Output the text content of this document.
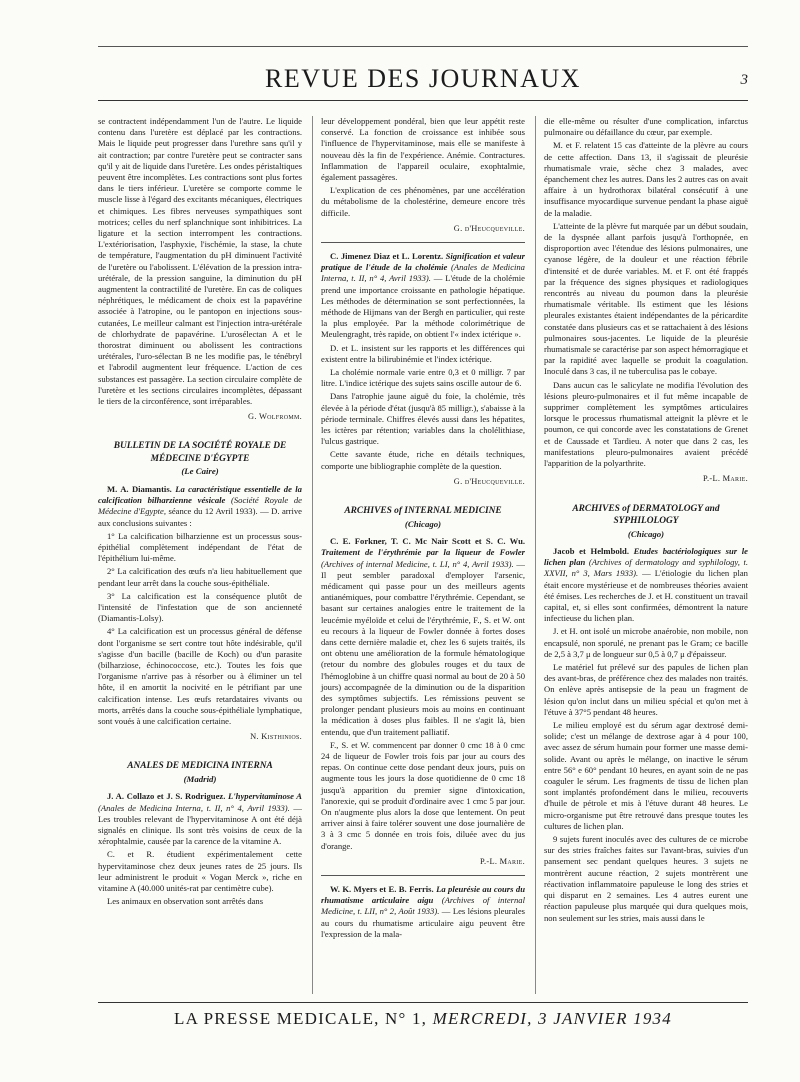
REVUE DES JOURNAUX	3

se contractent indépendamment l'un de l'autre. Le liquide contenu dans l'uretère est déplacé par les contractions. Mais le liquide peut progresser dans l'urethre sans qu'il y ait contraction; par contre l'uretère peut se contracter sans qu'il y ait de liquide dans l'uretère. Les ondes péristaltiques peuvent être incomplètes. Les contractions sont plus fortes dans le tiers inférieur. L'uretère se comporte comme le muscle lisse à l'égard des excitants mécaniques, électriques et chimiques. Les fibres nerveuses sympathiques sont motrices; celles du nerf splanchnique sont inhibitrices. La ligature et la section interrompent les contractions. L'extériorisation, l'asphyxie, l'ischémie, la stase, la chute de température, l'augmentation du pH diminuent l'activité de l'uretère ou l'abolissent. L'élévation de la pression intra-urétérale, de la pression sanguine, la diminution du pH augmentent la contractilité de l'uretère. En cas de coliques néphrétiques, le médicament de choix est la papavérine associée à l'atropine, ou le pantopon en injections sous-cutanées, Le meilleur calmant est l'injection intra-urétérale de chlorhydrate de papavérine. L'urosélectan A et le thorostrat diminuent ou abolissent les contractions urétérales, l'uro-sélectan B ne les modifie pas, le ténébryl et l'abrodil augmentent leur fréquence. L'action de ces substances est passagère. La section circulaire complète de l'uretère et les sections circulaires incomplètes, dépassant le tiers de la circonférence, sont irréparables.

G. Wolfromm.
BULLETIN DE LA SOCIÉTÉ ROYALE DE MÉDECINE D'ÉGYPTE
(Le Caire)

M. A. Diamantis. La caractéristique essentielle de la calcification bilharzienne vésicale (Société Royale de Médecine d'Egypte, séance du 12 Avril 1933). — D. arrive aux conclusions suivantes :

1° La calcification bilharzienne est un processus sous-épithélial complètement indépendant de l'état de l'épithélium lui-même.

2° La calcification des œufs n'a lieu habituellement que pendant leur arrêt dans la couche sous-épithéliale.

3° La calcification est la conséquence plutôt de l'intensité de l'infestation que de son ancienneté (Diamantis-Lolsy).

4° La calcification est un processus général de défense dont l'organisme se sert contre tout hôte indésirable, qu'il s'agisse d'un bacille (bacille de Koch) ou d'un parasite (bilharziose, échinococcose, etc.). Toutes les fois que l'organisme n'arrive pas à résorber ou à éliminer un tel hôte, il en amortit la nocivité en le pétrifiant par une calcification intense. Les œufs retardataires vivants ou morts, arrêtés dans la couche sous-épithéliale lymphatique, sont voués à une calcification certaine.

N. Kisthinios.
ANALES DE MEDICINA INTERNA
(Madrid)

J. A. Collazo et J. S. Rodriguez. L'hypervitaminose A (Anales de Medicina Interna, t. II, n° 4, Avril 1933). — Les troubles relevant de l'hypervitaminose A ont été déjà signalés en clinique. Ils sont très voisins de ceux de la xérophtalmie, causée par la carence de la vitamine A.

C. et R. étudient expérimentalement cette hypervitaminose chez deux jeunes rates de 25 jours. Ils leur administrent le produit « Vogan Merck », riche en vitamine A (40.000 unités-rat par centimètre cube).

Les animaux en observation sont arrêtés dans

leur développement pondéral, bien que leur appétit reste conservé. La fonction de croissance est inhibée sous l'influence de l'hypervitaminose, mais elle se manifeste à nouveau dès la fin de l'expérience. Anémie. Contractures. Inflammation de l'appareil oculaire, exophtalmie, également passagères.

L'explication de ces phénomènes, par une accélération du métabolisme de la cholestérine, demeure encore très difficile.

G. d'Heucqueville.

C. Jimenez Diaz et L. Lorentz. Signification et valeur pratique de l'étude de la cholémie (Anales de Medicina Interna, t. II, n° 4, Avril 1933). — L'étude de la cholémie prend une importance croissante en pathologie hépatique. Les méthodes de détermination se sont perfectionnées, la méthode de Hijmans van der Bergh en particulier, qui reste la plus employée. Par la méthode colorimétrique de Meulengraght, très rapide, on obtient l'« index ictérique ».

D. et L. insistent sur les rapports et les différences qui existent entre la bilirubinémie et l'index ictérique.

La cholémie normale varie entre 0,3 et 0 milligr. 7 par litre. L'indice ictérique des sujets sains oscille autour de 6.

Dans l'atrophie jaune aiguë du foie, la cholémie, très élevée à la période d'état (jusqu'à 85 milligr.), s'abaisse à la période terminale. Chiffres élevés aussi dans les hépatites, les ictères par rétention; variables dans la cholélithiase, l'ulcus gastrique.

Cette savante étude, riche en détails techniques, comporte une bibliographie complète de la question.

G. d'Heucqueville.
ARCHIVES of INTERNAL MEDICINE
(Chicago)

C. E. Forkner, T. C. Mc Nair Scott et S. C. Wu. Traitement de l'érythrémie par la liqueur de Fowler (Archives of internal Medicine, t. LI, n° 4, Avril 1933). — Il peut sembler paradoxal d'employer l'arsenic, médicament qui passe pour un des meilleurs agents antianémiques, pour combattre l'érythrémie. Cependant, se basant sur certaines analogies entre le traitement de la leucémie myéloïde et celui de l'érythrémie, F., S. et W. ont eu recours à la liqueur de Fowler donnée à fortes doses dans cette dernière maladie et, chez les 6 sujets traités, ils ont obtenu une amélioration de la formule hématologique (retour du nombre des globules rouges et du taux de l'hémoglobine à un chiffre quasi normal au bout de 20 à 50 jours) accompagnée de la diminution ou de la disparition des symptômes subjectifs. Les rémissions peuvent se prolonger pendant plusieurs mois au moins en continuant la médication à doses plus faibles. Il ne s'agit là, bien entendu, que d'un traitement palliatif.

F., S. et W. commencent par donner 0 cmc 18 à 0 cmc 24 de liqueur de Fowler trois fois par jour au cours des repas. On continue cette dose pendant deux jours, puis on augmente tous les jours la dose quotidienne de 0 cmc 18 jusqu'à apparition du premier signe d'intoxication, l'anorexie, qui se produit d'ordinaire avec 1 cmc 5 par jour. On n'augmente plus alors la dose que lentement. On peut arriver ainsi à faire tolérer souvent une dose journalière de 3 à 3 cmc 5 donnée en trois fois, diluée avec du jus d'orange.

P.-L. Marie.

W. K. Myers et E. B. Ferris. La pleurésie au cours du rhumatisme articulaire aigu (Archives of internal Medicine, t. LII, n° 2, Août 1933). — Les lésions pleurales au cours du rhumatisme articulaire aigu peuvent être l'expression de la mala-

die elle-même ou résulter d'une complication, infarctus pulmonaire ou défaillance du cœur, par exemple.

M. et F. relatent 15 cas d'atteinte de la plèvre au cours de cette affection. Dans 13, il s'agissait de pleurésie rhumatismale vraie, sèche chez 3 malades, avec épanchement chez les autres. Dans les 2 autres cas on avait affaire à un hydrothorax bilatéral consécutif à une insuffisance myocardique survenue pendant la phase aiguë de la maladie.

L'atteinte de la plèvre fut marquée par un début soudain, de la dyspnée allant parfois jusqu'à l'orthopnée, en disproportion avec l'étendue des lésions pulmonaires, une cyanose légère, de la douleur et une réaction fébrile d'intensité et de durée variables. M. et F. ont été frappés par la fréquence des signes physiques et radiologiques rencontrés au niveau du poumon dans la pleurésie rhumatismale véritable. Ils estiment que les lésions pleurales existantes étaient indépendantes de la péricardite constatée dans plusieurs cas et se rattachaient à des lésions pulmonaires sous-jacentes. Le liquide de la pleurésie rhumatismale se caractérise par son aspect hémorragique et par la rapidité avec laquelle se produit la coagulation. Inoculé dans 3 cas, il ne tuberculisa pas le cobaye.

Dans aucun cas le salicylate ne modifia l'évolution des lésions pleuro-pulmonaires et il fut même incapable de supprimer complètement les symptômes articulaires lorsque le processus rhumatismal atteignit la plèvre et le poumon, ce qui concorde avec les constatations de Grenet et de Caussade et Tardieu. A noter que dans 2 cas, les manifestations pleuro-pulmonaires avaient précédé l'apparition de la polyarthrite.

P.-L. Marie.
ARCHIVES of DERMATOLOGY and SYPHILOLOGY
(Chicago)

Jacob et Helmbold. Etudes bactériologiques sur le lichen plan (Archives of dermatology and syphilology, t. XXVII, n° 3, Mars 1933). — L'étiologie du lichen plan était encore mystérieuse et de nombreuses théories avaient été émises. Les recherches de J. et H. constituent un travail capital, et, si elles sont confirmées, démontrent la nature infectieuse du lichen plan.

J. et H. ont isolé un microbe anaérobie, non mobile, non encapsulé, non sporulé, ne prenant pas le Gram; ce bacille de 2,5 à 3,7 μ de longueur sur 0,5 à 0,7 μ d'épaisseur.

Le matériel fut prélevé sur des papules de lichen plan des avant-bras, de préférence chez des malades non traités. On enlève après antisepsie de la peau un fragment de lésion qu'on inclut dans un milieu spécial et qu'on met à l'étuve à 37°5 pendant 48 heures.

Le milieu employé est du sérum agar dextrosé demi-solide; c'est un mélange de dextrose agar à 4 pour 100, avec assez de sérum humain pour former une masse demi-solide. Avant ou après le mélange, on inactive le sérum entre 56° e 60° pendant 10 heures, en ayant soin de ne pas coaguler le sérum. Les fragments de tissu de lichen plan sont implantés profondément dans le milieu, recouverts d'huile de pétrole et mis à l'étuve durant 48 heures. Le micro-organisme put être retrouvé dans presque toutes les cultures de lichen plan.

9 sujets furent inoculés avec des cultures de ce microbe sur des stries fraîches faites sur l'avant-bras, suivies d'un pansement sec pendant quelques heures. 3 sujets ne montrèrent aucune réaction, 2 sujets montrèrent une réactivation inflammatoire papuleuse le long des stries et qui disparut en 2 semaines. Les 4 autres eurent une réaction papuleuse plus marquée qui dura quelques mois, non seulement sur les stries, mais aussi dans le

LA PRESSE MEDICALE, N° 1, MERCREDI, 3 JANVIER 1934
